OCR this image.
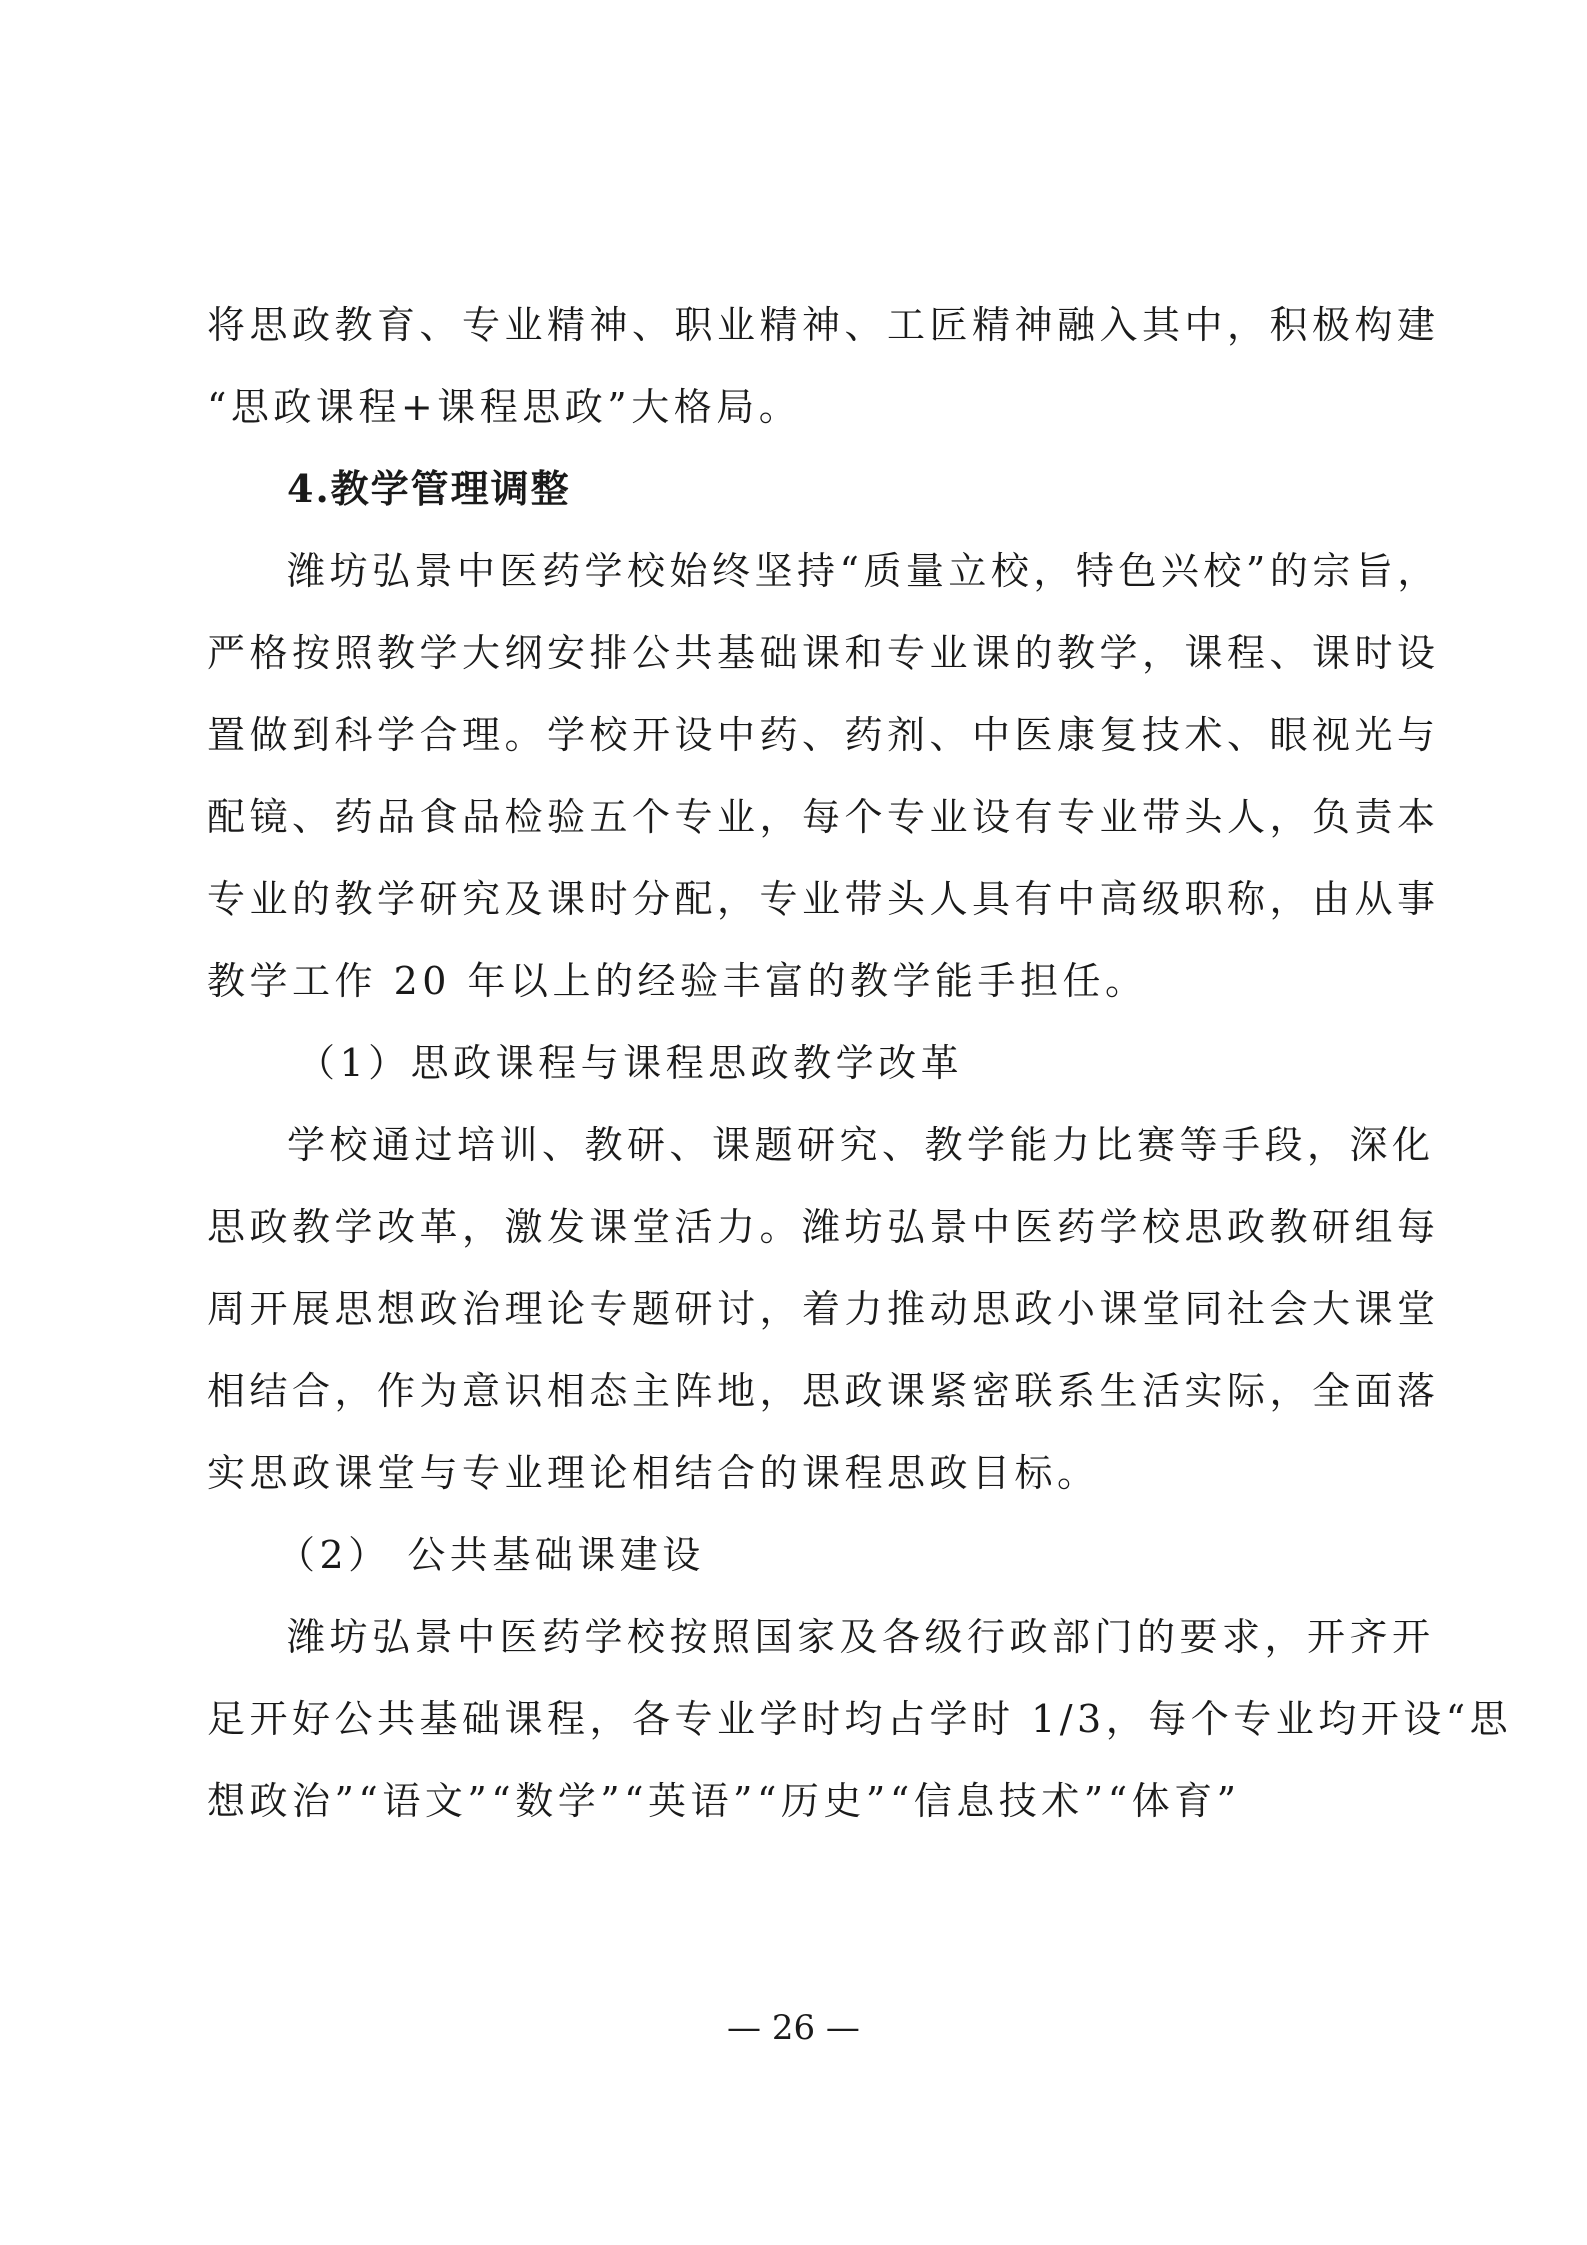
将思政教育、专业精神、职业精神、工匠精神融入其中，积极构建
“思政课程+课程思政”大格局。
4.教学管理调整
潍坊弘景中医药学校始终坚持“质量立校，特色兴校”的宗旨，
严格按照教学大纲安排公共基础课和专业课的教学，课程、课时设
置做到科学合理。学校开设中药、药剂、中医康复技术、眼视光与
配镜、药品食品检验五个专业，每个专业设有专业带头人，负责本
专业的教学研究及课时分配，专业带头人具有中高级职称，由从事
教学工作 20 年以上的经验丰富的教学能手担任。
（1）思政课程与课程思政教学改革
学校通过培训、教研、课题研究、教学能力比赛等手段，深化
思政教学改革，激发课堂活力。潍坊弘景中医药学校思政教研组每
周开展思想政治理论专题研讨，着力推动思政小课堂同社会大课堂
相结合，作为意识相态主阵地，思政课紧密联系生活实际，全面落
实思政课堂与专业理论相结合的课程思政目标。
（2） 公共基础课建设
潍坊弘景中医药学校按照国家及各级行政部门的要求，开齐开
足开好公共基础课程，各专业学时均占学时 1/3，每个专业均开设“思
想政治”“语文”“数学”“英语”“历史”“信息技术”“体育”
— 26 —
